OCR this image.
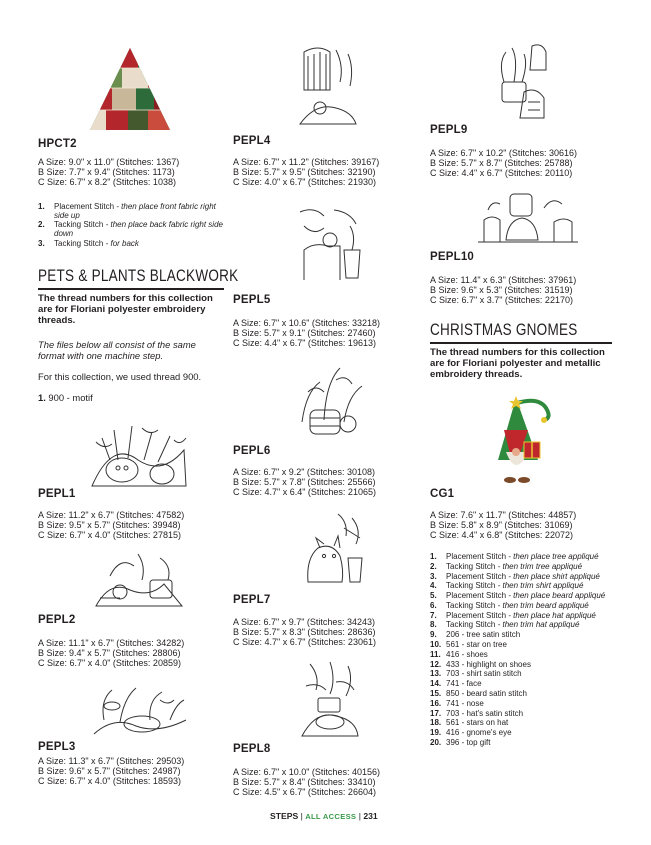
HPCT2
A Size: 9.0" x 11.0" (Stitches: 1367)
B Size: 7.7" x 9.4" (Stitches: 1173)
C Size: 6.7" x 8.2" (Stitches: 1038)
1.	Placement Stitch - then place front fabric right side up
2.	Tacking Stitch - then place back fabric right side down
3.	Tacking Stitch - for back
PETS & PLANTS BLACKWORK
The thread numbers for this collection are for Floriani polyester embroidery threads.
The files below all consist of the same format with one machine step.
For this collection, we used thread 900.
1. 900 - motif
PEPL1
A Size: 11.2" x 6.7" (Stitches: 47582)
B Size: 9.5" x 5.7" (Stitches: 39948)
C Size: 6.7" x 4.0" (Stitches: 27815)
PEPL2
A Size: 11.1" x 6.7" (Stitches: 34282)
B Size: 9.4" x 5.7" (Stitches: 28806)
C Size: 6.7" x 4.0" (Stitches: 20859)
PEPL3
A Size: 11.3" x 6.7" (Stitches: 29503)
B Size: 9.6" x 5.7" (Stitches: 24987)
C Size: 6.7" x 4.0" (Stitches: 18593)
PEPL4
A Size: 6.7" x 11.2" (Stitches: 39167)
B Size: 5.7" x 9.5" (Stitches: 32190)
C Size: 4.0" x 6.7" (Stitches: 21930)
PEPL5
A Size: 6.7" x 10.6" (Stitches: 33218)
B Size: 5.7" x 9.1" (Stitches: 27460)
C Size: 4.4" x 6.7" (Stitches: 19613)
PEPL6
A Size: 6.7" x 9.2" (Stitches: 30108)
B Size: 5.7" x 7.8" (Stitches: 25566)
C Size: 4.7" x 6.4" (Stitches: 21065)
PEPL7
A Size: 6.7" x 9.7" (Stitches: 34243)
B Size: 5.7" x 8.3" (Stitches: 28636)
C Size: 4.7" x 6.7" (Stitches: 23061)
PEPL8
A Size: 6.7" x 10.0" (Stitches: 40156)
B Size: 5.7" x 8.4" (Stitches: 33410)
C Size: 4.5" x 6.7" (Stitches: 26604)
PEPL9
A Size: 6.7" x 10.2" (Stitches: 30616)
B Size: 5.7" x 8.7" (Stitches: 25788)
C Size: 4.4" x 6.7" (Stitches: 20110)
PEPL10
A Size: 11.4" x 6.3" (Stitches: 37961)
B Size: 9.6" x 5.3" (Stitches: 31519)
C Size: 6.7" x 3.7" (Stitches: 22170)
CHRISTMAS GNOMES
The thread numbers for this collection are for Floriani polyester and metallic embroidery threads.
CG1
A Size: 7.6" x 11.7" (Stitches: 44857)
B Size: 5.8" x 8.9" (Stitches: 31069)
C Size: 4.4" x 6.8" (Stitches: 22072)
1.	Placement Stitch - then place tree appliqué
2.	Tacking Stitch - then trim tree appliqué
3.	Placement Stitch - then place shirt appliqué
4.	Tacking Stitch - then trim shirt appliqué
5.	Placement Stitch - then place beard appliqué
6.	Tacking Stitch - then trim beard appliqué
7.	Placement Stitch - then place hat appliqué
8.	Tacking Stitch - then trim hat appliqué
9.	206 - tree satin stitch
10. 561 - star on tree
11. 416 - shoes
12. 433 - highlight on shoes
13. 703 - shirt satin stitch
14. 741 - face
15. 850 - beard satin stitch
16. 741 - nose
17. 703 - hat's satin stitch
18. 561 - stars on hat
19. 416 - gnome's eye
20. 396 - top gift
STEPS | ALL ACCESS | 231
